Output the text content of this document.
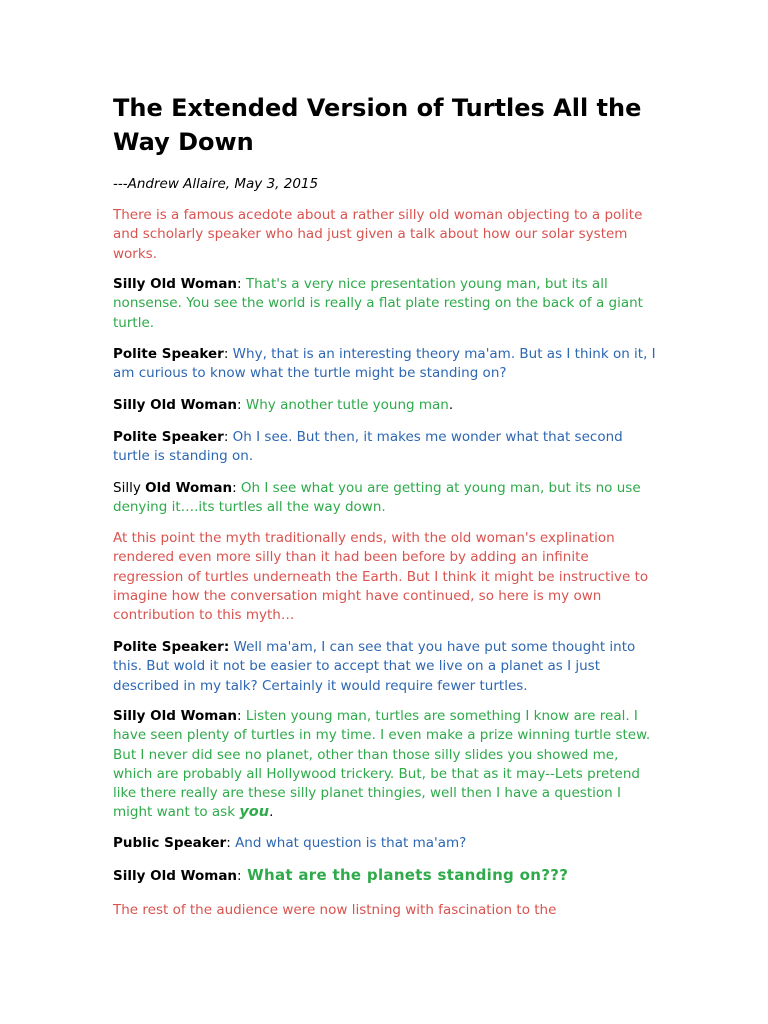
The Extended Version of Turtles All the Way Down
---Andrew Allaire, May 3, 2015

There is a famous acedote about a rather silly old woman objecting to a polite and scholarly speaker who had just given a talk about how our solar system works.

Silly Old Woman: That's a very nice presentation young man, but its all nonsense. You see the world is really a flat plate resting on the back of a giant turtle.

Polite Speaker: Why, that is an interesting theory ma'am. But as I think on it, I am curious to know what the turtle might be standing on?

Silly Old Woman: Why another tutle young man.

Polite Speaker: Oh I see. But then, it makes me wonder what that second turtle is standing on.

Silly Old Woman: Oh I see what you are getting at young man, but its no use denying it….its turtles all the way down.

At this point the myth traditionally ends, with the old woman's explination rendered even more silly than it had been before by adding an infinite regression of turtles underneath the Earth. But I think it might be instructive to imagine how the conversation might have continued, so here is my own contribution to this myth…

Polite Speaker: Well ma'am, I can see that you have put some thought into this. But wold it not be easier to accept that we live on a planet as I just described in my talk? Certainly it would require fewer turtles.

Silly Old Woman: Listen young man, turtles are something I know are real. I have seen plenty of turtles in my time. I even make a prize winning turtle stew. But I never did see no planet, other than those silly slides you showed me, which are probably all Hollywood trickery. But, be that as it may--Lets pretend like there really are these silly planet thingies, well then I have a question I might want to ask you.

Public Speaker: And what question is that ma'am?

Silly Old Woman: What are the planets standing on???

The rest of the audience were now listning with fascination to the
